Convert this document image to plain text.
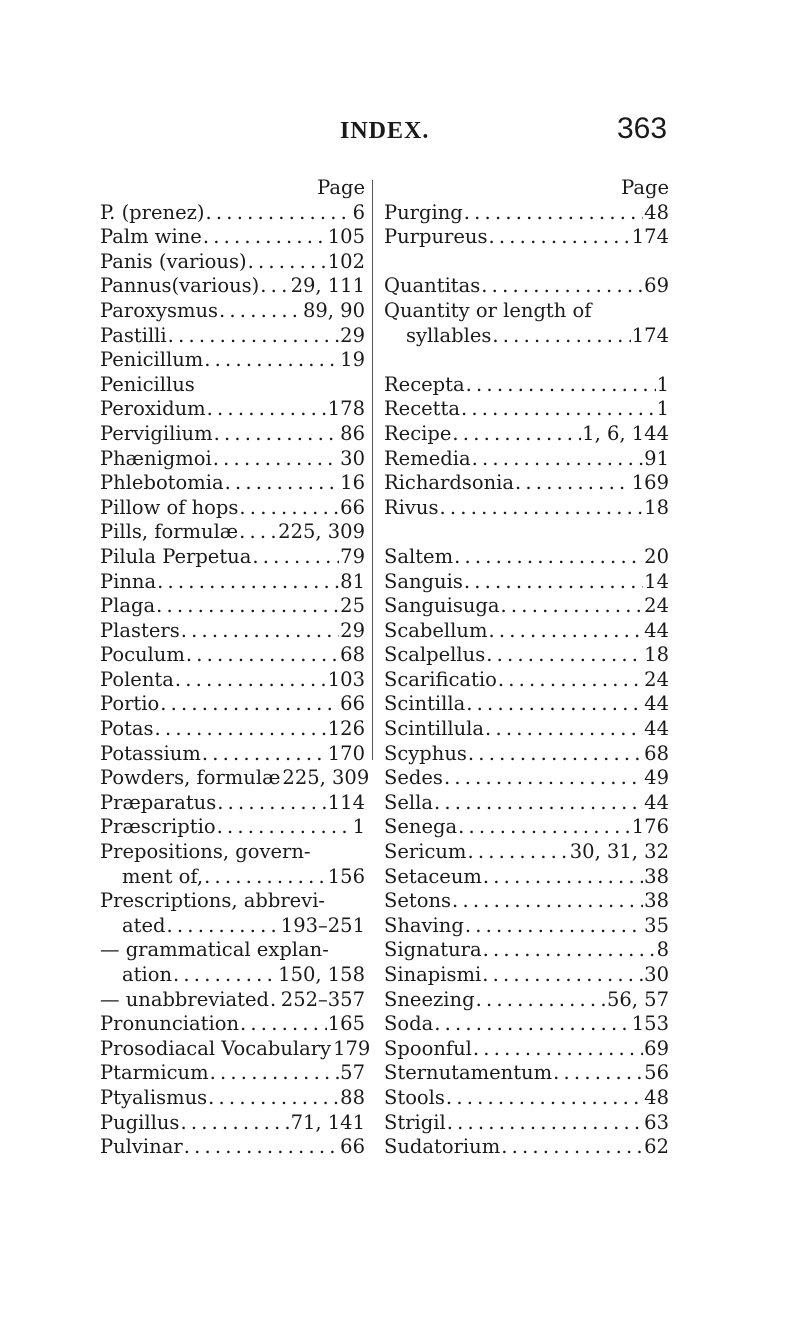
INDEX.	363
Page
P. (prenez) . . .	6
Palm wine . . .	105
Panis (various) . . .	102
Pannus(various) . . . 29, 111
Paroxysmus . . .	89, 90
Pastilli . . .	29
Penicillum . . .	19
Penicillus
Peroxidum . . .	178
Pervigilium . . .	86
Phænigmoi . . .	30
Phlebotomia . . .	16
Pillow of hops . . .	66
Pills, formulæ . . . 225, 309
Pilula Perpetua . . .	79
Pinna . . .	81
Plaga . . .	25
Plasters . . .	29
Poculum . . .	68
Polenta . . .	103
Portio . . .	66
Potas . . .	126
Potassium . . .	170
Powders, formulæ 225, 309
Præparatus . . .	114
Præscriptio . . .	1
Prepositions, govern-
ment of, . . .	156
Prescriptions, abbrevi-
ated . . .	193–251
— grammatical explan-
ation . . .	150, 158
— unabbreviated . . . 252–357
Pronunciation . . .	165
Prosodiacal Vocabulary 179
Ptarmicum . . .	57
Ptyalismus . . .	88
Pugillus . . .	71, 141
Pulvinar . . .	66
Page
Purging . . .	48
Purpureus . . .	174
Quantitas . . .	69
Quantity or length of
syllables . . .	174
Recepta . . .	1
Recetta . . .	1
Recipe . . .	1, 6, 144
Remedia . . .	91
Richardsonia . . .	169
Rivus . . .	18
Saltem . . .	20
Sanguis . . .	14
Sanguisuga . . .	24
Scabellum . . .	44
Scalpellus . . .	18
Scarificatio . . .	24
Scintilla . . .	44
Scintillula . . .	44
Scyphus . . .	68
Sedes . . .	49
Sella . . .	44
Senega . . .	176
Sericum . . .	30, 31, 32
Setaceum . . .	38
Setons . . .	38
Shaving . . .	35
Signatura . . .	8
Sinapismi . . .	30
Sneezing . . .	56, 57
Soda . . .	153
Spoonful . . .	69
Sternutamentum . . .	56
Stools . . .	48
Strigil . . .	63
Sudatorium . . .	62
